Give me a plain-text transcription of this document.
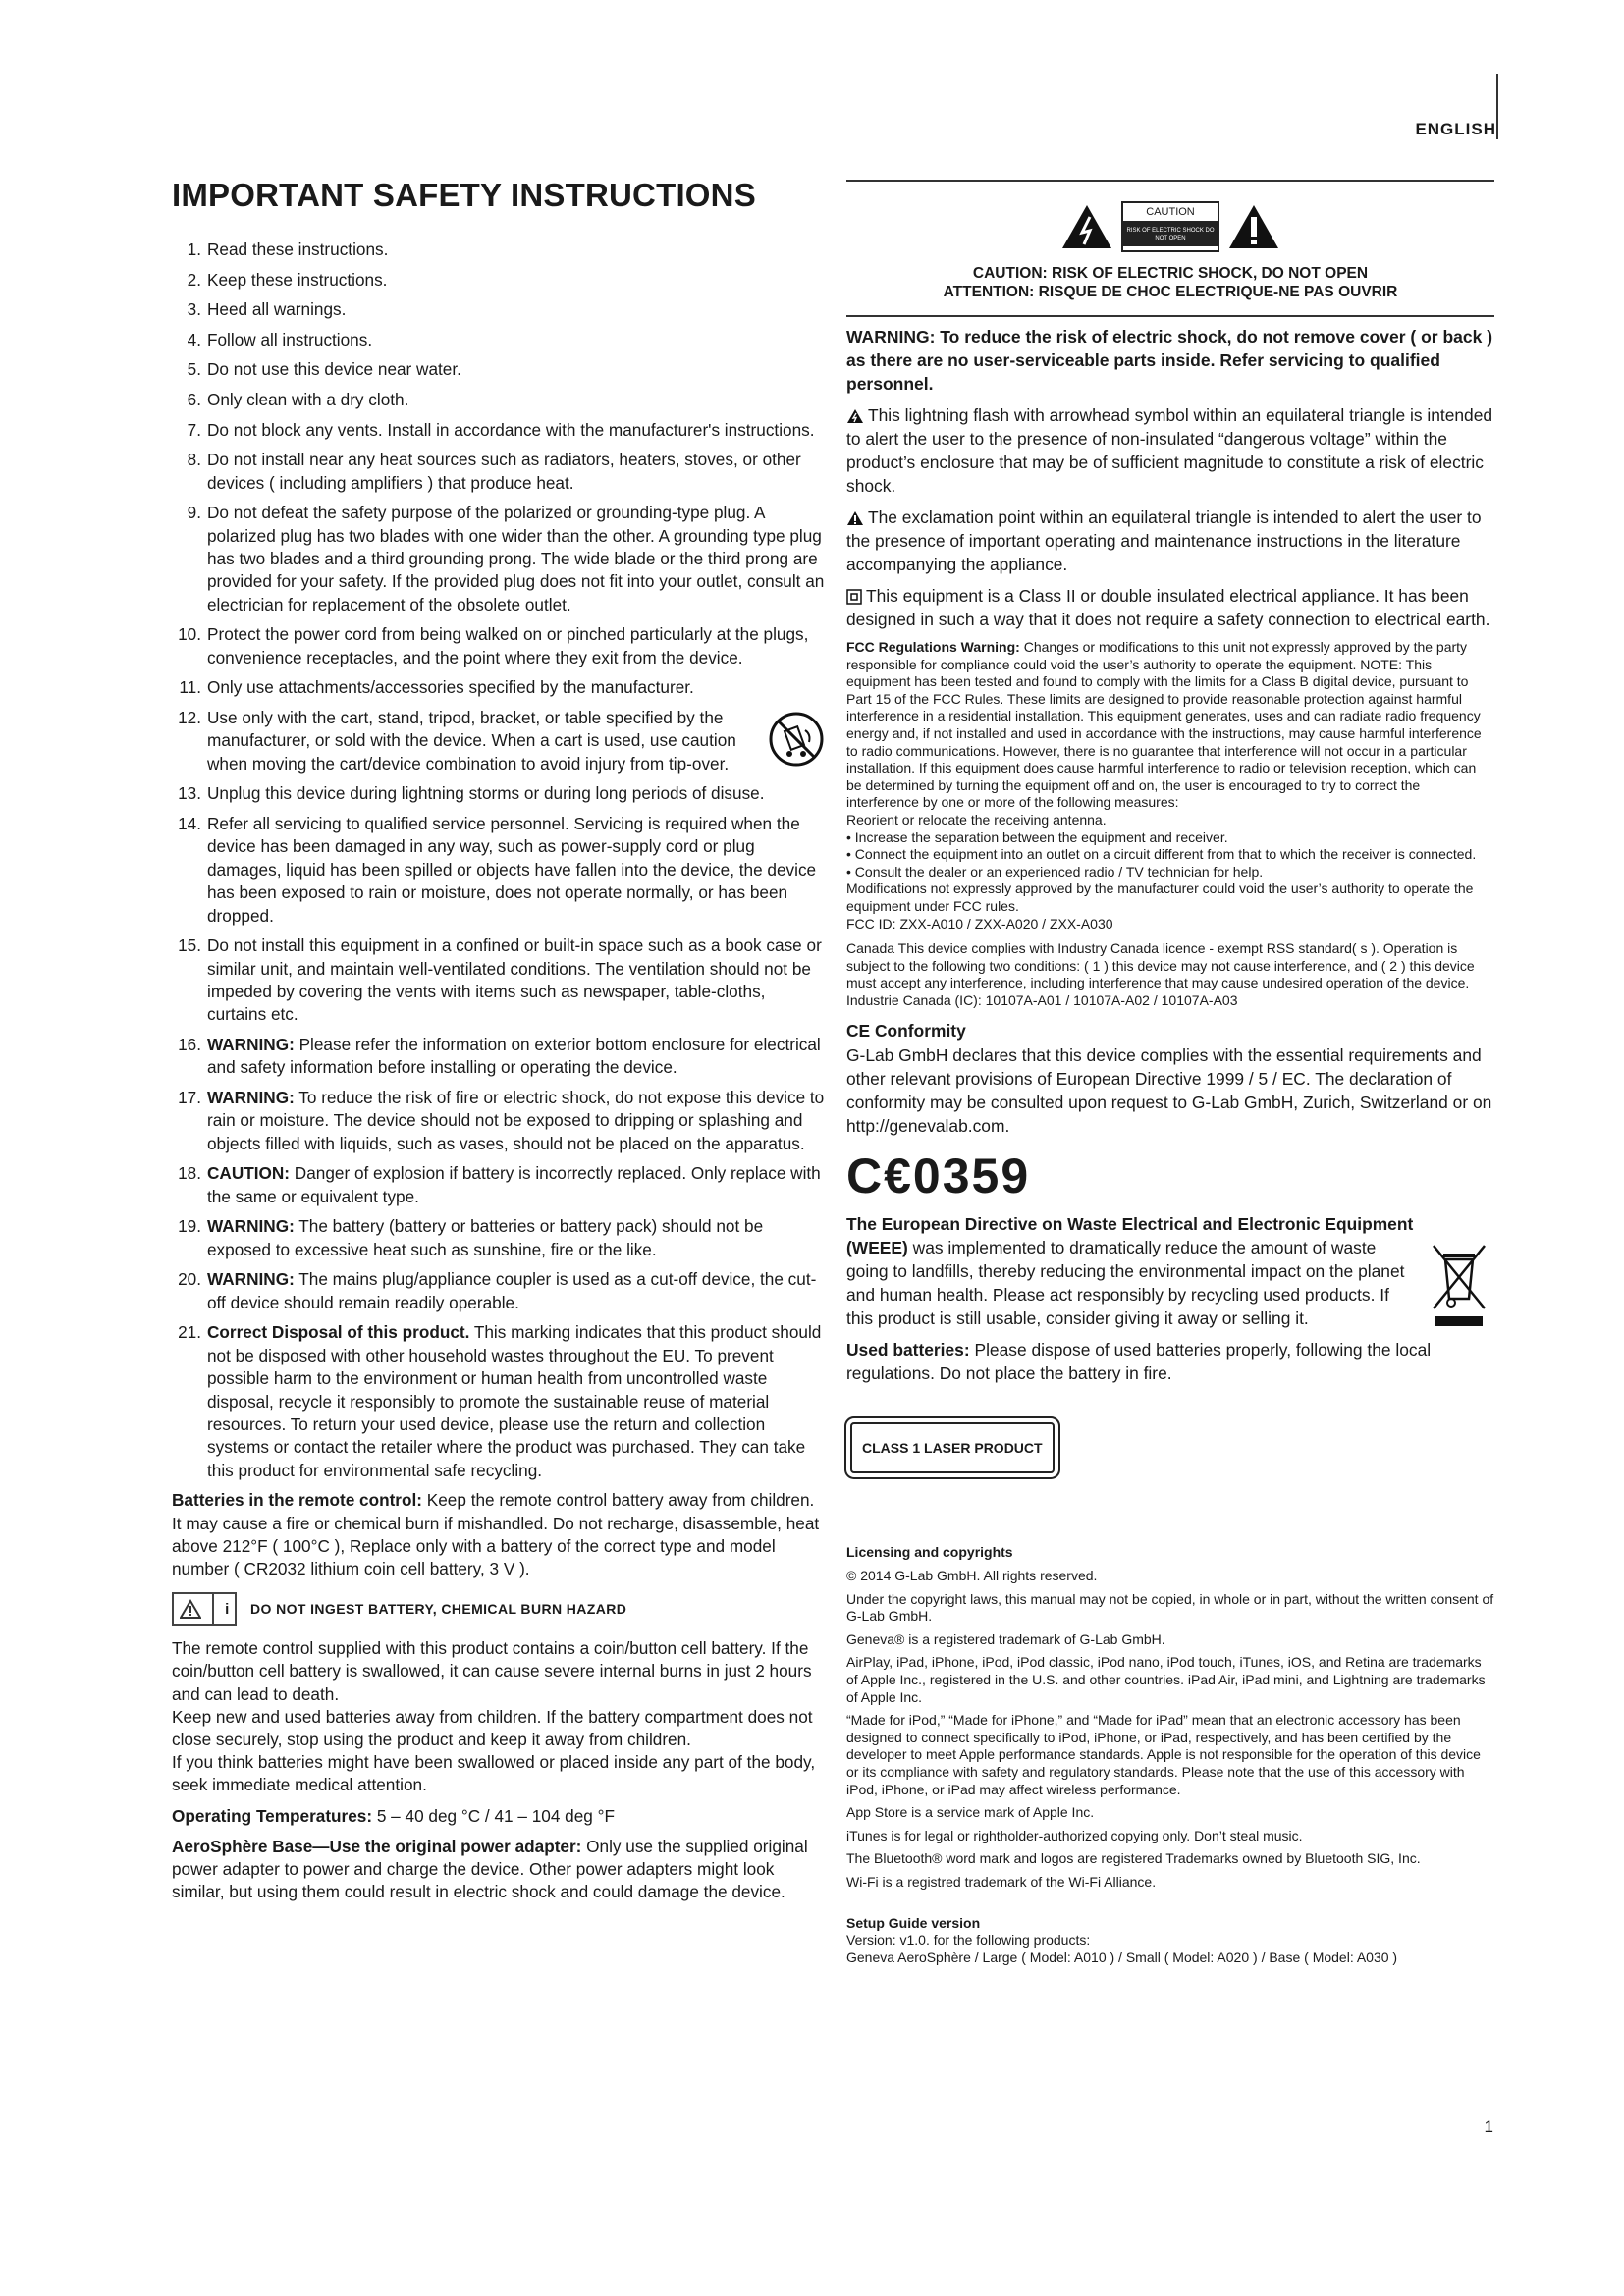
ENGLISH
IMPORTANT SAFETY INSTRUCTIONS
1. Read these instructions.
2. Keep these instructions.
3. Heed all warnings.
4. Follow all instructions.
5. Do not use this device near water.
6. Only clean with a dry cloth.
7. Do not block any vents. Install in accordance with the manufacturer's instructions.
8. Do not install near any heat sources such as radiators, heaters, stoves, or other devices ( including amplifiers ) that produce heat.
9. Do not defeat the safety purpose of the polarized or grounding-type plug. A polarized plug has two blades with one wider than the other. A grounding type plug has two blades and a third grounding prong. The wide blade or the third prong are provided for your safety. If the provided plug does not fit into your outlet, consult an electrician for replacement of the obsolete outlet.
10. Protect the power cord from being walked on or pinched particularly at the plugs, convenience receptacles, and the point where they exit from the device.
11. Only use attachments/accessories specified by the manufacturer.
12. Use only with the cart, stand, tripod, bracket, or table specified by the manufacturer, or sold with the device. When a cart is used, use caution when moving the cart/device combination to avoid injury from tip-over.
13. Unplug this device during lightning storms or during long periods of disuse.
14. Refer all servicing to qualified service personnel. Servicing is required when the device has been damaged in any way, such as power-supply cord or plug damages, liquid has been spilled or objects have fallen into the device, the device has been exposed to rain or moisture, does not operate normally, or has been dropped.
15. Do not install this equipment in a confined or built-in space such as a book case or similar unit, and maintain well-ventilated conditions. The ventilation should not be impeded by covering the vents with items such as newspaper, table-cloths, curtains etc.
16. WARNING: Please refer the information on exterior bottom enclosure for electrical and safety information before installing or operating the device.
17. WARNING: To reduce the risk of fire or electric shock, do not expose this device to rain or moisture. The device should not be exposed to dripping or splashing and objects filled with liquids, such as vases, should not be placed on the apparatus.
18. CAUTION: Danger of explosion if battery is incorrectly replaced. Only replace with the same or equivalent type.
19. WARNING: The battery (battery or batteries or battery pack) should not be exposed to excessive heat such as sunshine, fire or the like.
20. WARNING: The mains plug/appliance coupler is used as a cut-off device, the cut-off device should remain readily operable.
21. Correct Disposal of this product. This marking indicates that this product should not be disposed with other household wastes throughout the EU. To prevent possible harm to the environment or human health from uncontrolled waste disposal, recycle it responsibly to promote the sustainable reuse of material resources. To return your used device, please use the return and collection systems or contact the retailer where the product was purchased. They can take this product for environmental safe recycling.

Batteries in the remote control: Keep the remote control battery away from children. It may cause a fire or chemical burn if mishandled. Do not recharge, disassemble, heat above 212°F ( 100°C ), Replace only with a battery of the correct type and model number ( CR2032 lithium coin cell battery, 3 V ).

i DO NOT INGEST BATTERY, CHEMICAL BURN HAZARD

The remote control supplied with this product contains a coin/button cell battery. If the coin/button cell battery is swallowed, it can cause severe internal burns in just 2 hours and can lead to death.

Keep new and used batteries away from children. If the battery compartment does not close securely, stop using the product and keep it away from children.

If you think batteries might have been swallowed or placed inside any part of the body, seek immediate medical attention.

Operating Temperatures: 5 – 40 deg °C / 41 – 104 deg °F

AeroSphère Base—Use the original power adapter: Only use the supplied original power adapter to power and charge the device. Other power adapters might look similar, but using them could result in electric shock and could damage the device.

CAUTION
RISK OF ELECTRIC SHOCK DO NOT OPEN
CAUTION: RISK OF ELECTRIC SHOCK, DO NOT OPEN
ATTENTION: RISQUE DE CHOC ELECTRIQUE-NE PAS OUVRIR

WARNING: To reduce the risk of electric shock, do not remove cover ( or back ) as there are no user-serviceable parts inside. Refer servicing to qualified personnel.

This lightning flash with arrowhead symbol within an equilateral triangle is intended to alert the user to the presence of non-insulated “dangerous voltage” within the product’s enclosure that may be of sufficient magnitude to constitute a risk of electric shock.

The exclamation point within an equilateral triangle is intended to alert the user to the presence of important operating and maintenance instructions in the literature accompanying the appliance.

This equipment is a Class II or double insulated electrical appliance. It has been designed in such a way that it does not require a safety connection to electrical earth.

FCC Regulations Warning: Changes or modifications to this unit not expressly approved by the party responsible for compliance could void the user’s authority to operate the equipment. NOTE: This equipment has been tested and found to comply with the limits for a Class B digital device, pursuant to Part 15 of the FCC Rules. These limits are designed to provide reasonable protection against harmful interference in a residential installation. This equipment generates, uses and can radiate radio frequency energy and, if not installed and used in accordance with the instructions, may cause harmful interference to radio communications. However, there is no guarantee that interference will not occur in a particular installation. If this equipment does cause harmful interference to radio or television reception, which can be determined by turning the equipment off and on, the user is encouraged to try to correct the interference by one or more of the following measures:

Reorient or relocate the receiving antenna.

• Increase the separation between the equipment and receiver.
• Connect the equipment into an outlet on a circuit different from that to which the receiver is connected.
• Consult the dealer or an experienced radio / TV technician for help.

Modifications not expressly approved by the manufacturer could void the user’s authority to operate the equipment under FCC rules.

FCC ID: ZXX-A010 / ZXX-A020 / ZXX-A030

Canada This device complies with Industry Canada licence - exempt RSS standard( s ). Operation is subject to the following two conditions: ( 1 ) this device may not cause interference, and ( 2 ) this device must accept any interference, including interference that may cause undesired operation of the device.

Industrie Canada (IC): 10107A-A01 / 10107A-A02 / 10107A-A03

CE Conformity

G-Lab GmbH declares that this device complies with the essential requirements and other relevant provisions of European Directive 1999 / 5 / EC. The declaration of conformity may be consulted upon request to G-Lab GmbH, Zurich, Switzerland or on http://genevalab.com.

C€0359

The European Directive on Waste Electrical and Electronic Equipment (WEEE) was implemented to dramatically reduce the amount of waste going to landfills, thereby reducing the environmental impact on the planet and human health. Please act responsibly by recycling used products. If this product is still usable, consider giving it away or selling it.

Used batteries: Please dispose of used batteries properly, following the local regulations. Do not place the battery in fire.

CLASS 1 LASER PRODUCT
Licensing and copyrights

© 2014 G-Lab GmbH. All rights reserved.

Under the copyright laws, this manual may not be copied, in whole or in part, without the written consent of G-Lab GmbH.

Geneva® is a registered trademark of G-Lab GmbH.

AirPlay, iPad, iPhone, iPod, iPod classic, iPod nano, iPod touch, iTunes, iOS, and Retina are trademarks of Apple Inc., registered in the U.S. and other countries. iPad Air, iPad mini, and Lightning are trademarks of Apple Inc.

“Made for iPod,” “Made for iPhone,” and “Made for iPad” mean that an electronic accessory has been designed to connect specifically to iPod, iPhone, or iPad, respectively, and has been certified by the developer to meet Apple performance standards. Apple is not responsible for the operation of this device or its compliance with safety and regulatory standards. Please note that the use of this accessory with iPod, iPhone, or iPad may affect wireless performance.

App Store is a service mark of Apple Inc.

iTunes is for legal or rightholder-authorized copying only. Don’t steal music.

The Bluetooth® word mark and logos are registered Trademarks owned by Bluetooth SIG, Inc.

Wi-Fi is a registred trademark of the Wi-Fi Alliance.

Setup Guide version

Version: v1.0. for the following products:

Geneva AeroSphère / Large ( Model: A010 ) / Small ( Model: A020 ) / Base ( Model: A030 )

1
